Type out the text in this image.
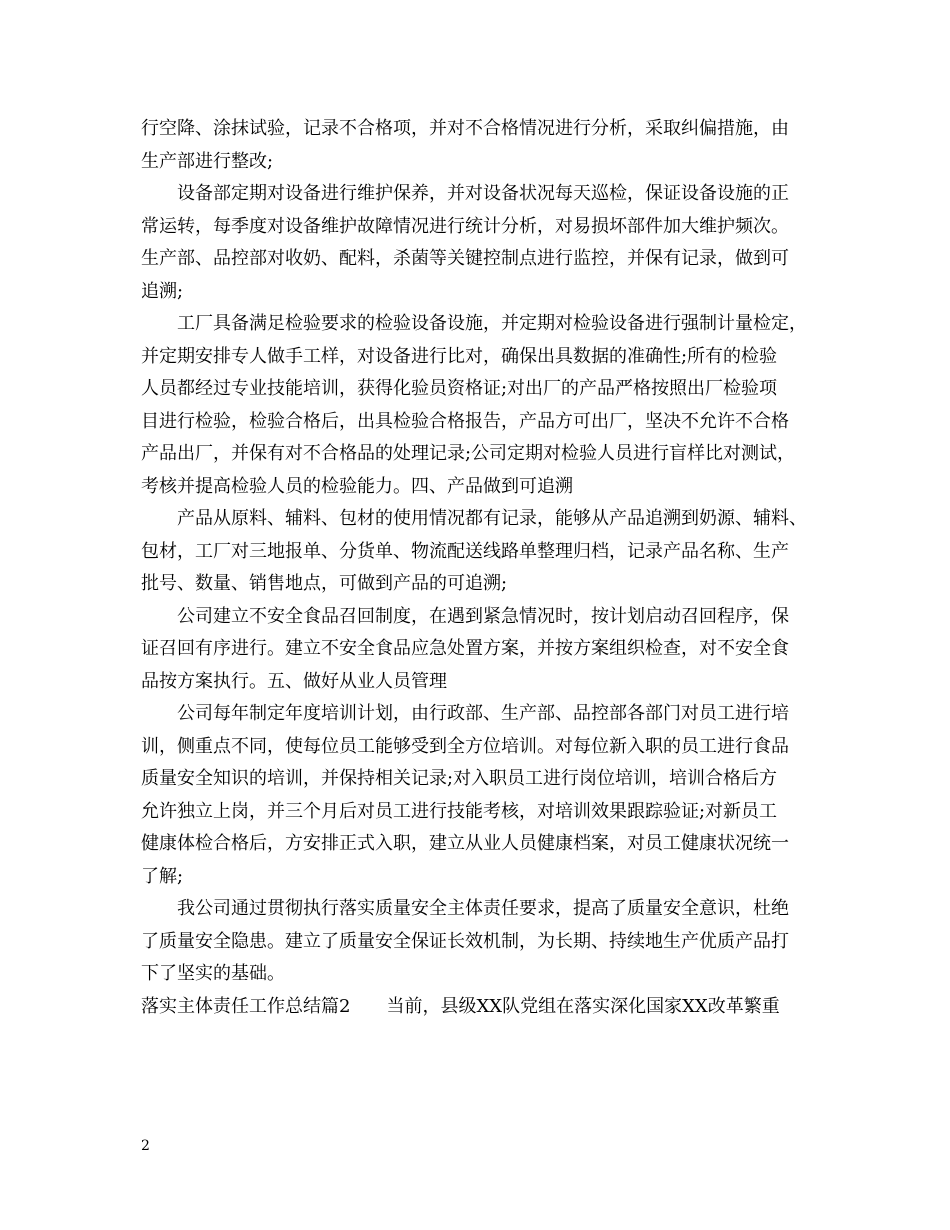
行空降、涂抹试验，记录不合格项，并对不合格情况进行分析，采取纠偏措施，由
生产部进行整改;
设备部定期对设备进行维护保养，并对设备状况每天巡检，保证设备设施的正
常运转，每季度对设备维护故障情况进行统计分析，对易损坏部件加大维护频次。
生产部、品控部对收奶、配料，杀菌等关键控制点进行监控，并保有记录，做到可
追溯;
工厂具备满足检验要求的检验设备设施，并定期对检验设备进行强制计量检定，
并定期安排专人做手工样，对设备进行比对，确保出具数据的准确性;所有的检验
人员都经过专业技能培训，获得化验员资格证;对出厂的产品严格按照出厂检验项
目进行检验，检验合格后，出具检验合格报告，产品方可出厂，坚决不允许不合格
产品出厂，并保有对不合格品的处理记录;公司定期对检验人员进行盲样比对测试，
考核并提高检验人员的检验能力。四、产品做到可追溯
产品从原料、辅料、包材的使用情况都有记录，能够从产品追溯到奶源、辅料、
包材，工厂对三地报单、分货单、物流配送线路单整理归档，记录产品名称、生产
批号、数量、销售地点，可做到产品的可追溯;
公司建立不安全食品召回制度，在遇到紧急情况时，按计划启动召回程序，保
证召回有序进行。建立不安全食品应急处置方案，并按方案组织检查，对不安全食
品按方案执行。五、做好从业人员管理
公司每年制定年度培训计划，由行政部、生产部、品控部各部门对员工进行培
训，侧重点不同，使每位员工能够受到全方位培训。对每位新入职的员工进行食品
质量安全知识的培训，并保持相关记录;对入职员工进行岗位培训，培训合格后方
允许独立上岗，并三个月后对员工进行技能考核，对培训效果跟踪验证;对新员工
健康体检合格后，方安排正式入职，建立从业人员健康档案，对员工健康状况统一
了解;
我公司通过贯彻执行落实质量安全主体责任要求，提高了质量安全意识，杜绝
了质量安全隐患。建立了质量安全保证长效机制，为长期、持续地生产优质产品打
下了坚实的基础。
落实主体责任工作总结篇2　　当前，县级XX队党组在落实深化国家XX改革繁重
2
